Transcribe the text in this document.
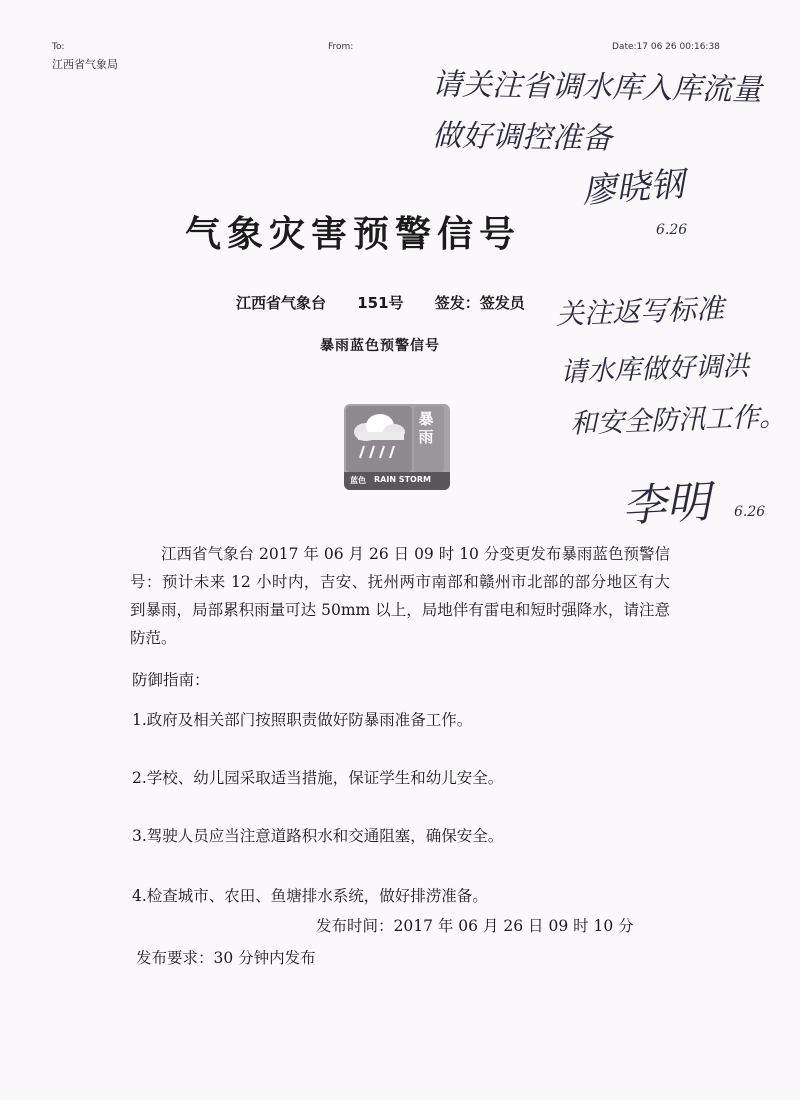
To:	From:	Date:17 06 26 00:16:38
江西省气象局
气象灾害预警信号
江西省气象台 151号 签发：签发员
暴雨蓝色预警信号
暴雨
蓝色 RAIN STORM

江西省气象台 2017 年 06 月 26 日 09 时 10 分变更发布暴雨蓝色预警信号：预计未来 12 小时内，吉安、抚州两市南部和赣州市北部的部分地区有大到暴雨，局部累积雨量可达 50mm 以上，局地伴有雷电和短时强降水，请注意防范。

防御指南：
1.政府及相关部门按照职责做好防暴雨准备工作。
2.学校、幼儿园采取适当措施，保证学生和幼儿安全。
3.驾驶人员应当注意道路积水和交通阻塞，确保安全。
4.检查城市、农田、鱼塘排水系统，做好排涝准备。
发布时间：2017 年 06 月 26 日 09 时 10 分
发布要求：30 分钟内发布
请关注省调水库入库流量
做好调控准备
廖晓钢
6.26
关注返写标准
请水库做好调洪
和安全防汛工作。
李明 6.26
